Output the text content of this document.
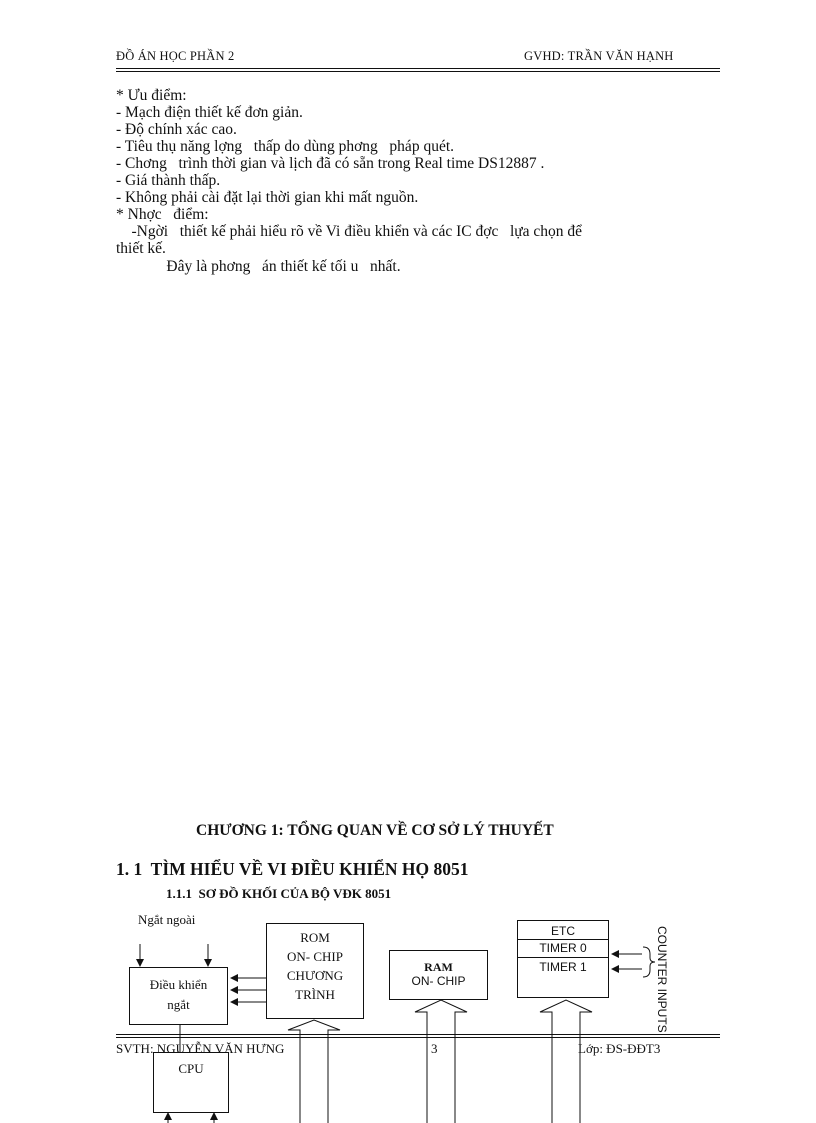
ĐỒ ÁN HỌC PHẦN 2	GVHD: TRẦN VĂN HẠNH
* Ưu điểm:
- Mạch điện thiết kế đơn giản.
- Độ chính xác cao.
- Tiêu thụ năng lợng   thấp do dùng phơng   pháp quét.
- Chơng   trình thời gian và lịch đã có sẵn trong Real time DS12887 .
- Giá thành thấp.
- Không phải cài đặt lại thời gian khi mất nguồn.
* Nhợc   điểm:
-Ngời   thiết kế phải hiểu rõ về Vi điều khiển và các IC đợc   lựa chọn để
thiết kế.
Đây là phơng   án thiết kế tối u   nhất.
CHƯƠNG 1: TỔNG QUAN VỀ CƠ SỞ LÝ THUYẾT
1. 1  TÌM HIỂU VỀ VI ĐIỀU KHIỂN HỌ 8051
1.1.1  SƠ ĐỒ KHỐI CỦA BỘ VĐK 8051
Ngắt ngoài
Điều khiển
ngắt
ROM
ON- CHIP
CHƯƠNG
TRÌNH
RAM
ON- CHIP
ETC
TIMER 0
TIMER 1	COUNTER INPUTS
CPU
SVTH: NGUYỄN VĂN HƯNG	3	Lớp: ĐS-ĐĐT3
